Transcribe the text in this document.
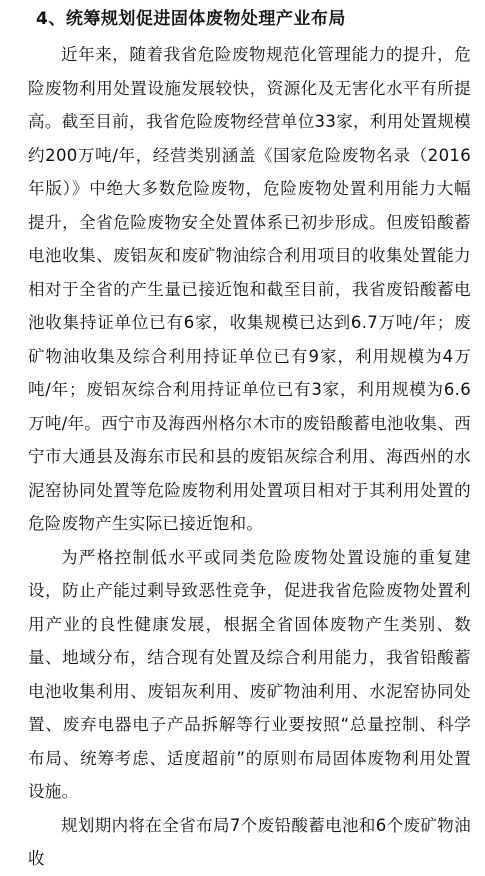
4、统筹规划促进固体废物处理产业布局

近年来，随着我省危险废物规范化管理能力的提升，危险废物利用处置设施发展较快，资源化及无害化水平有所提高。截至目前，我省危险废物经营单位33家，利用处置规模约200万吨/年，经营类别涵盖《国家危险废物名录（2016年版）》中绝大多数危险废物，危险废物处置利用能力大幅提升，全省危险废物安全处置体系已初步形成。但废铅酸蓄电池收集、废铝灰和废矿物油综合利用项目的收集处置能力相对于全省的产生量已接近饱和截至目前，我省废铅酸蓄电池收集持证单位已有6家，收集规模已达到6.7万吨/年；废矿物油收集及综合利用持证单位已有9家，利用规模为4万吨/年；废铝灰综合利用持证单位已有3家，利用规模为6.6万吨/年。西宁市及海西州格尔木市的废铅酸蓄电池收集、西宁市大通县及海东市民和县的废铝灰综合利用、海西州的水泥窑协同处置等危险废物利用处置项目相对于其利用处置的危险废物产生实际已接近饱和。

为严格控制低水平或同类危险废物处置设施的重复建设，防止产能过剩导致恶性竞争，促进我省危险废物处置利用产业的良性健康发展，根据全省固体废物产生类别、数量、地域分布，结合现有处置及综合利用能力，我省铅酸蓄电池收集利用、废铝灰利用、废矿物油利用、水泥窑协同处置、废弃电器电子产品拆解等行业要按照“总量控制、科学布局、统筹考虑、适度超前”的原则布局固体废物利用处置设施。

规划期内将在全省布局7个废铅酸蓄电池和6个废矿物油收
